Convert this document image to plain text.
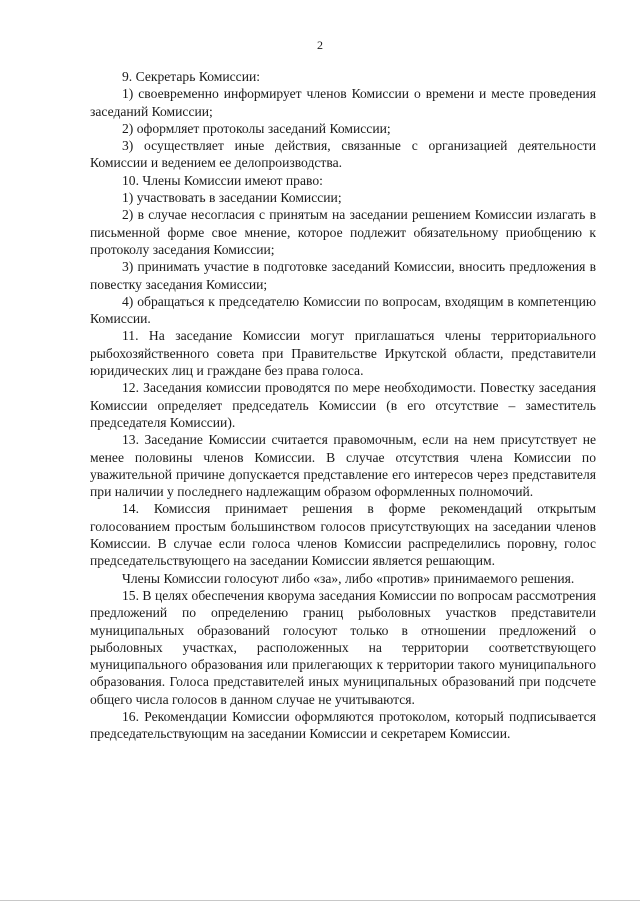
2

9. Секретарь Комиссии:

1) своевременно информирует членов Комиссии о времени и месте проведения заседаний Комиссии;

2) оформляет протоколы заседаний Комиссии;

3) осуществляет иные действия, связанные с организацией деятельности Комиссии и ведением ее делопроизводства.

10. Члены Комиссии имеют право:

1) участвовать в заседании Комиссии;

2) в случае несогласия с принятым на заседании решением Комиссии излагать в письменной форме свое мнение, которое подлежит обязательному приобщению к протоколу заседания Комиссии;

3) принимать участие в подготовке заседаний Комиссии, вносить предложения в повестку заседания Комиссии;

4) обращаться к председателю Комиссии по вопросам, входящим в компетенцию Комиссии.

11. На заседание Комиссии могут приглашаться члены территориального рыбохозяйственного совета при Правительстве Иркутской области, представители юридических лиц и граждане без права голоса.

12. Заседания комиссии проводятся по мере необходимости. Повестку заседания Комиссии определяет председатель Комиссии (в его отсутствие – заместитель председателя Комиссии).

13. Заседание Комиссии считается правомочным, если на нем присутствует не менее половины членов Комиссии. В случае отсутствия члена Комиссии по уважительной причине допускается представление его интересов через представителя при наличии у последнего надлежащим образом оформленных полномочий.

14. Комиссия принимает решения в форме рекомендаций открытым голосованием простым большинством голосов присутствующих на заседании членов Комиссии. В случае если голоса членов Комиссии распределились поровну, голос председательствующего на заседании Комиссии является решающим.

Члены Комиссии голосуют либо «за», либо «против» принимаемого решения.

15. В целях обеспечения кворума заседания Комиссии по вопросам рассмотрения предложений по определению границ рыболовных участков представители муниципальных образований голосуют только в отношении предложений о рыболовных участках, расположенных на территории соответствующего муниципального образования или прилегающих к территории такого муниципального образования. Голоса представителей иных муниципальных образований при подсчете общего числа голосов в данном случае не учитываются.

16. Рекомендации Комиссии оформляются протоколом, который подписывается председательствующим на заседании Комиссии и секретарем Комиссии.
